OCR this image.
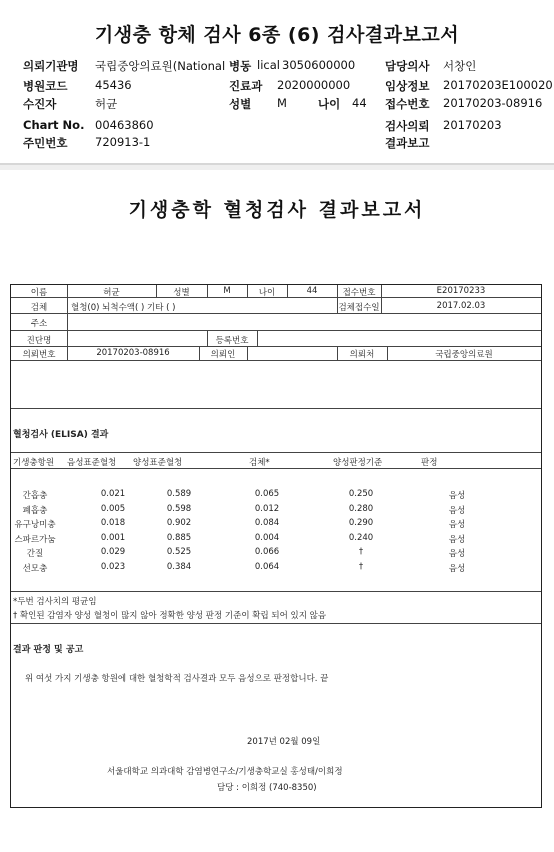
기생충 항체 검사 6종 (6) 검사결과보고서
의뢰기관명 국립중앙의료원(National 병동 lical 3050600000	담당의사 서창인
병원코드 45436	진료과 2020000000	임상정보 20170203E100020
수진자	허균	성별 M	나이 44 접수번호 20170203-08916
Chart No. 00463860	검사의뢰 20170203
주민번호 720913-1	결과보고
기생충학 혈청검사 결과보고서
이름	허균	성별	M	나이	44	접수번호	E20170233
검체	혈청(0) 뇌척수액( ) 기타 ( )	검체접수일	2017.02.03
주소
진단명	등록번호
의뢰번호	20170203-08916	의뢰인	의뢰처	국립중앙의료원
혈청검사 (ELISA) 결과
기생충항원 음성표준혈청 양성표준혈청	검체*	양성판정기준	판정
간흡충	0.021	0.589	0.065	0.250	음성
폐흡충	0.005	0.598	0.012	0.280	음성
유구낭미충	0.018	0.902	0.084	0.290	음성
스파르가눔	0.001	0.885	0.004	0.240	음성
간질	0.029	0.525	0.066	†	음성
선모충	0.023	0.384	0.064	†	음성
*두번 검사치의 평균임
† 확인된 감염자 양성 혈청이 많지 않아 정확한 양성 판정 기준이 확립 되어 있지 않음
결과 판정 및 공고
위 여섯 가지 기생충 항원에 대한 혈청학적 검사결과 모두 음성으로 판정합니다. 끝
2017년 02월 09일
서울대학교 의과대학 감염병연구소/기생충학교실 홍성태/이희정
담당 : 이희정 (740-8350)
